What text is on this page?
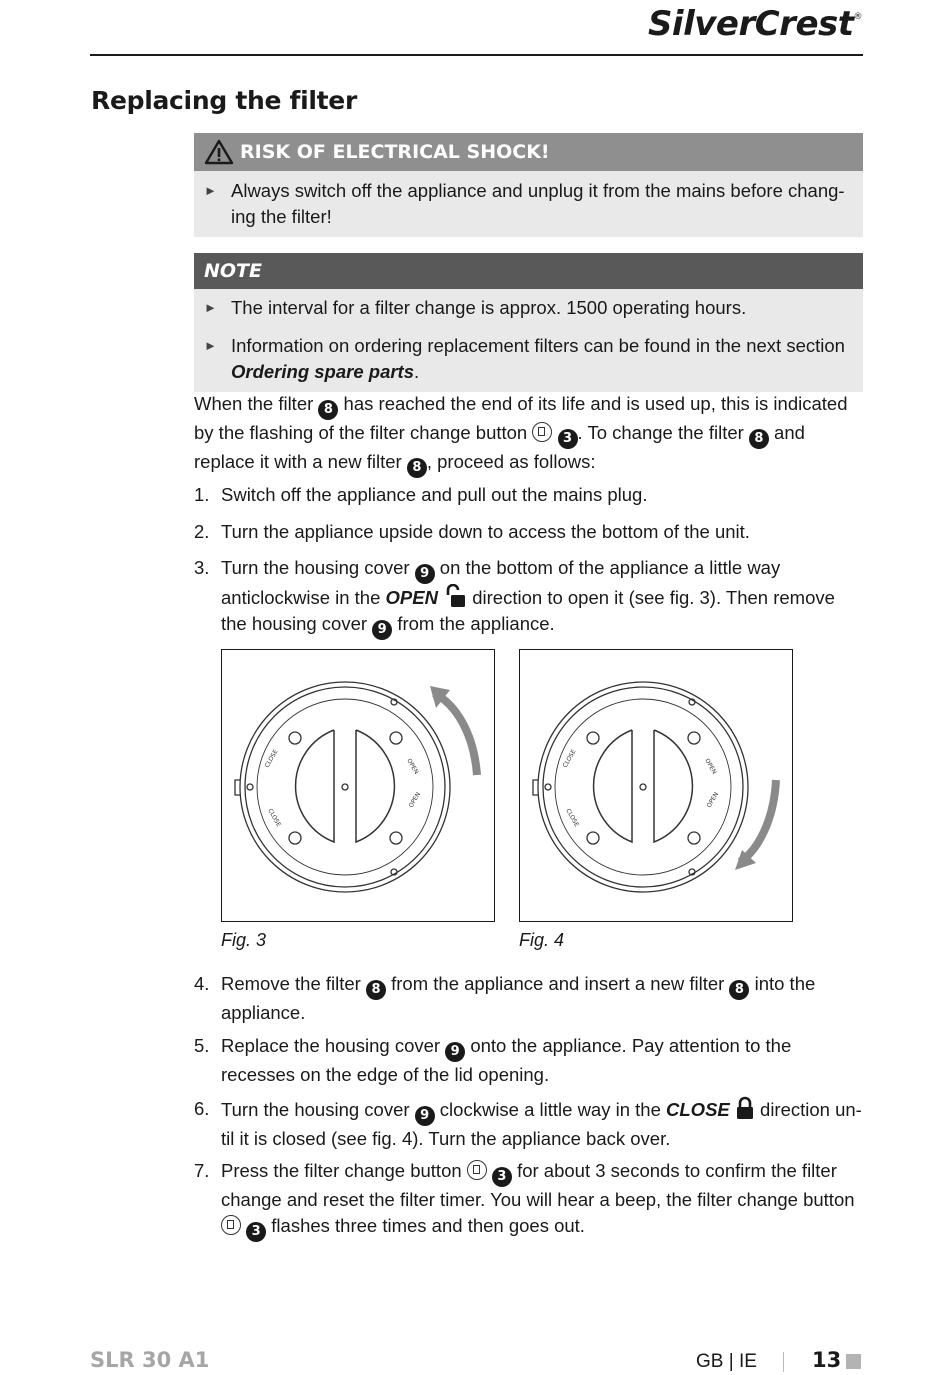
SilverCrest®
Replacing the filter
RISK OF ELECTRICAL SHOCK!
► Always switch off the appliance and unplug it from the mains before chang-ing the filter!
NOTE
► The interval for a filter change is approx. 1500 operating hours.
► Information on ordering replacement filters can be found in the next section Ordering spare parts.
When the filter 8 has reached the end of its life and is used up, this is indicated by the flashing of the filter change button  3 . To change the filter 8 and replace it with a new filter 8 , proceed as follows:
1. Switch off the appliance and pull out the mains plug.
2. Turn the appliance upside down to access the bottom of the unit.
3. Turn the housing cover 9 on the bottom of the appliance a little way anticlockwise in the OPEN  direction to open it (see fig. 3). Then remove the housing cover 9 from the appliance.
CLOSE	OPEN
CLOSE
OPEN
Fig. 3
CLOSE	OPEN
CLOSE
OPEN
Fig. 4
4. Remove the filter 8 from the appliance and insert a new filter 8 into the appliance.
5. Replace the housing cover 9 onto the appliance. Pay attention to the recesses on the edge of the lid opening.
6. Turn the housing cover 9 clockwise a little way in the CLOSE  direction un-til it is closed (see fig. 4). Turn the appliance back over.
7. Press the filter change button  3 for about 3 seconds to confirm the filter change and reset the filter timer. You will hear a beep, the filter change button  3 flashes three times and then goes out.
SLR 30 A1	GB | IE	13
